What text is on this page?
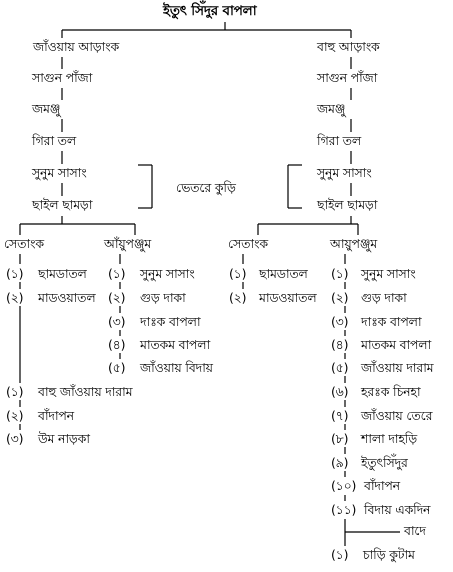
ইতুৎ সিঁদুর বাপলা
জাঁওয়ায় আড়াংক
সাগুন পাঁজা
জমঞ্জু
গিরা তল
সুনুম সাসাং
ছাইল ছামড়া
বাহু আড়াংক
সাগুন পাঁজা
জমঞ্জু
গিরা তল
সুনুম সাসাং
ছাইল ছামড়া
ভেতরে কুড়ি
সেতাংক	আঁয়ুপঞ্জুম
(১) ছামডাতল
(২) মাডওয়াতল
(১) সুনুম সাসাং
(২) গুড় দাকা
(৩) দাঃক বাপলা
(৪) মাতকম বাপলা
(৫) জাঁওয়ায় বিদায়
(১) বাহু জাঁওয়ায় দারাম
(২) বাঁদাপন
(৩) উম নাড়কা
সেতাংক	আয়ুপঞ্জুম
(১) ছামডাতল
(২) মাডওয়াতল
(১) সুনুম সাসাং
(২) গুড় দাকা
(৩) দাঃক বাপলা
(৪) মাতকম বাপলা
(৫) জাঁওয়ায় দারাম
(৬) হরঃক চিনহা
(৭) জাঁওয়ায় তেরে
(৮) শালা দাহড়ি
(৯) ইতুৎসিঁদুর
(১০) বাঁদাপন
(১১) বিদায় একদিন
বাদে
(১) চাড়ি কুটাম
